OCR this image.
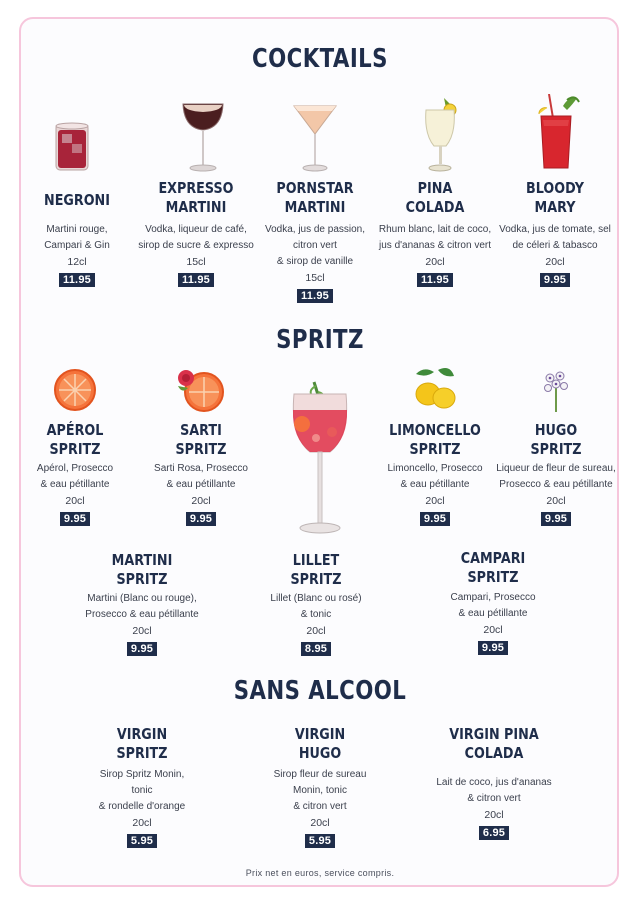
COCKTAILS
SPRITZ
SANS ALCOOL
NEGRONI
Martini rouge,
Campari & Gin
12cl
11.95
EXPRESSO
MARTINI
Vodka, liqueur de café,
sirop de sucre & expresso
15cl
11.95
PORNSTAR
MARTINI
Vodka, jus de passion,
citron vert
& sirop de vanille
15cl
11.95
PINA
COLADA
Rhum blanc, lait de coco,
jus d'ananas & citron vert
20cl
11.95
BLOODY
MARY
Vodka, jus de tomate, sel
de céleri & tabasco
20cl
9.95
APÉROL
SPRITZ
Apérol, Prosecco
& eau pétillante
20cl
9.95
SARTI
SPRITZ
Sarti Rosa, Prosecco
& eau pétillante
20cl
9.95
LIMONCELLO
SPRITZ
Limoncello, Prosecco
& eau pétillante
20cl
9.95
HUGO
SPRITZ
Liqueur de fleur de sureau,
Prosecco & eau pétillante
20cl
9.95
MARTINI
SPRITZ
Martini (Blanc ou rouge),
Prosecco & eau pétillante
20cl
9.95
LILLET
SPRITZ
Lillet (Blanc ou rosé)
& tonic
20cl
8.95
CAMPARI
SPRITZ
Campari, Prosecco
& eau pétillante
20cl
9.95
VIRGIN
SPRITZ
Sirop Spritz Monin,
tonic
& rondelle d'orange
20cl
5.95
VIRGIN
HUGO
Sirop fleur de sureau
Monin, tonic
& citron vert
20cl
5.95
VIRGIN PINA
COLADA
Lait de coco, jus d'ananas
& citron vert
20cl
6.95
Prix net en euros, service compris.
